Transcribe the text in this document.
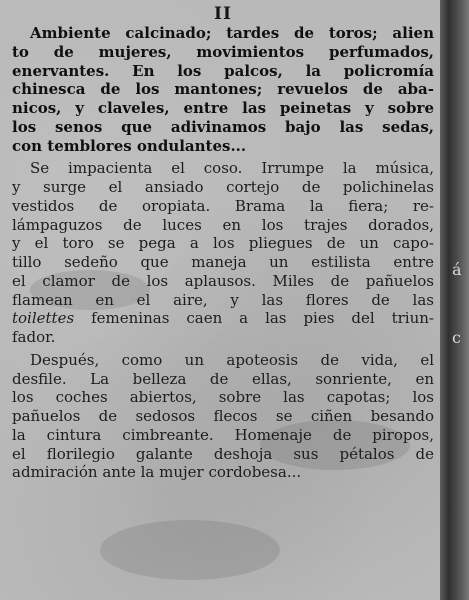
II

Ambiente calcinado; tardes de toros; alien
to de mujeres, movimientos perfumados,
enervantes. En los palcos, la policromía
chinesca de los mantones; revuelos de aba-
nicos, y claveles, entre las peinetas y sobre
los senos que adivinamos bajo las sedas,
con temblores ondulantes...

Se impacienta el coso. Irrumpe la música,
y surge el ansiado cortejo de polichinelas
vestidos de oropiata. Brama la fiera; re-
lámpaguzos de luces en los trajes dorados,
y el toro se pega a los pliegues de un capo-
tillo sedeño que maneja un estilista entre
el clamor de los aplausos. Miles de pañuelos
flamean en el aire, y las flores de las
toilettes femeninas caen a las pies del triun-
fador.

Después, como un apoteosis de vida, el
desfile. La belleza de ellas, sonriente, en
los coches abiertos, sobre las capotas; los
pañuelos de sedosos flecos se ciñen besando
la cintura cimbreante. Homenaje de piropos,
el florilegio galante deshoja sus pétalos de
admiración ante la mujer cordobesa...

á
c
